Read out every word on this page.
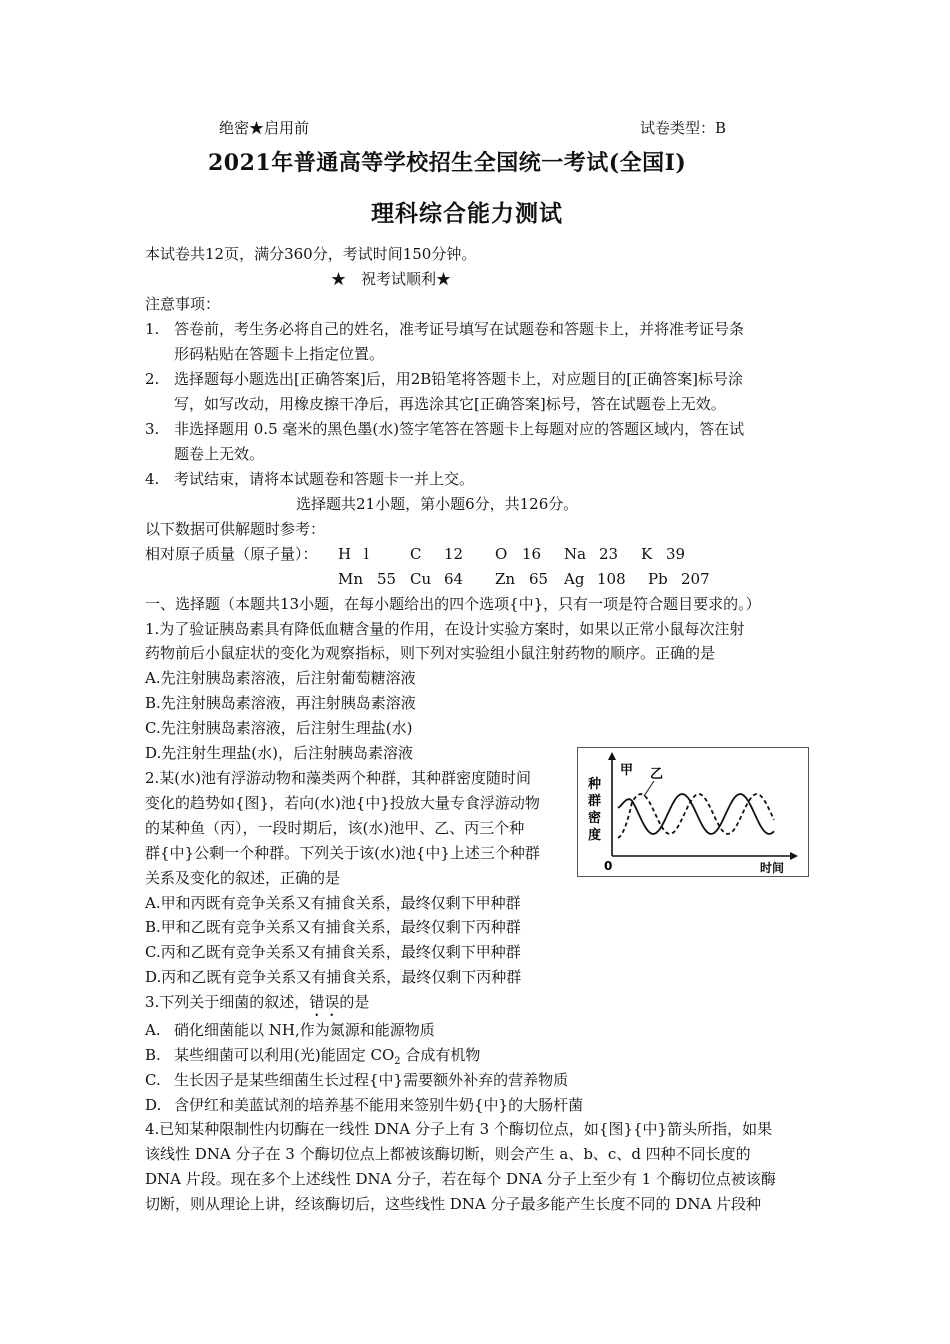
绝密★启用前	试卷类型：B
2021年普通高等学校招生全国统一考试(全国Ⅰ)
理科综合能力测试
本试卷共12页，满分360分，考试时间150分钟。
★　祝考试顺利★
注意事项：
1. 答卷前，考生务必将自己的姓名，准考证号填写在试题卷和答题卡上，并将准考证号条
形码粘贴在答题卡上指定位置。
2. 选择题每小题选出[正确答案]后，用2B铅笔将答题卡上，对应题目的[正确答案]标号涂
写，如写改动，用橡皮擦干净后，再选涂其它[正确答案]标号，答在试题卷上无效。
3. 非选择题用 0.5 毫米的黑色墨(水)签字笔答在答题卡上每题对应的答题区域内，答在试
题卷上无效。
4. 考试结束，请将本试题卷和答题卡一并上交。
选择题共21小题，第小题6分，共126分。
以下数据可供解题时参考：
相对原子质量（原子量）： H l	C 12 O 16 Na 23 K 39
Mn 55 Cu 64 Zn 65 Ag 108 Pb 207
一、选择题（本题共13小题，在每小题给出的四个选项{中}，只有一项是符合题目要求的。）
1.为了验证胰岛素具有降低血糖含量的作用，在设计实验方案时，如果以正常小鼠每次注射
药物前后小鼠症状的变化为观察指标，则下列对实验组小鼠注射药物的顺序。正确的是
A.先注射胰岛素溶液，后注射葡萄糖溶液
B.先注射胰岛素溶液，再注射胰岛素溶液
C.先注射胰岛素溶液，后注射生理盐(水)
D.先注射生理盐(水)，后注射胰岛素溶液
2.某(水)池有浮游动物和藻类两个种群，其种群密度随时间
变化的趋势如{图}，若向(水)池{中}投放大量专食浮游动物
的某种鱼（丙），一段时期后，该(水)池甲、乙、丙三个种
群{中}公剩一个种群。下列关于该(水)池{中}上述三个种群
关系及变化的叙述，正确的是
A.甲和丙既有竞争关系又有捕食关系，最终仅剩下甲种群
B.甲和乙既有竞争关系又有捕食关系，最终仅剩下丙种群
C.丙和乙既有竞争关系又有捕食关系，最终仅剩下甲种群
D.丙和乙既有竞争关系又有捕食关系，最终仅剩下丙种群
种
群
密
度
0	时间
甲 乙
3.下列关于细菌的叙述，错误的是
A. 硝化细菌能以 NH,作为氮源和能源物质
B. 某些细菌可以利用(光)能固定 $CO_2$ 合成有机物
C. 生长因子是某些细菌生长过程{中}需要额外补弃的营养物质
D. 含伊红和美蓝试剂的培养基不能用来签别牛奶{中}的大肠杆菌
4.已知某种限制性内切酶在一线性 DNA 分子上有 3 个酶切位点，如{图}{中}箭头所指，如果
该线性 DNA 分子在 3 个酶切位点上都被该酶切断，则会产生 a、b、c、d 四种不同长度的
DNA 片段。现在多个上述线性 DNA 分子，若在每个 DNA 分子上至少有 1 个酶切位点被该酶
切断，则从理论上讲，经该酶切后，这些线性 DNA 分子最多能产生长度不同的 DNA 片段种
